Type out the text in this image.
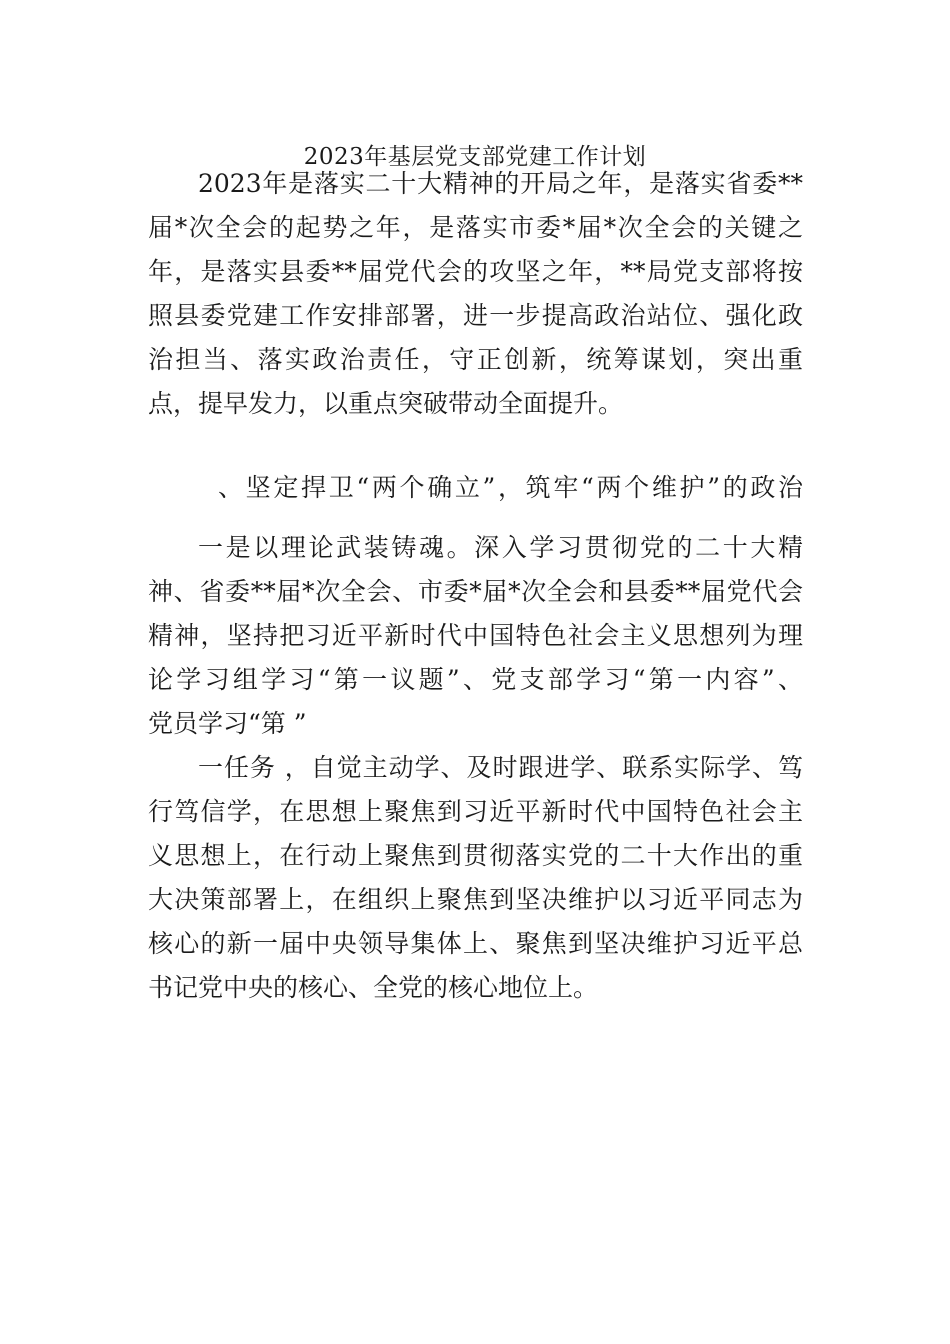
2023年基层党支部党建工作计划
2023年是落实二十大精神的开局之年，是落实省委**
届*次全会的起势之年，是落实市委*届*次全会的关键之
年，是落实县委**届党代会的攻坚之年，**局党支部将按
照县委党建工作安排部署，进一步提高政治站位、强化政
治担当、落实政治责任，守正创新，统筹谋划，突出重
点，提早发力，以重点突破带动全面提升。
、坚定捍卫“两个确立”，筑牢“两个维护”的政治
一是以理论武装铸魂。深入学习贯彻党的二十大精
神、省委**届*次全会、市委*届*次全会和县委**届党代会
精神，坚持把习近平新时代中国特色社会主义思想列为理
论学习组学习“第一议题”、党支部学习“第一内容”、
党员学习“第 ”
一任务 ，自觉主动学、及时跟进学、联系实际学、笃
行笃信学，在思想上聚焦到习近平新时代中国特色社会主
义思想上，在行动上聚焦到贯彻落实党的二十大作出的重
大决策部署上，在组织上聚焦到坚决维护以习近平同志为
核心的新一届中央领导集体上、聚焦到坚决维护习近平总
书记党中央的核心、全党的核心地位上。
